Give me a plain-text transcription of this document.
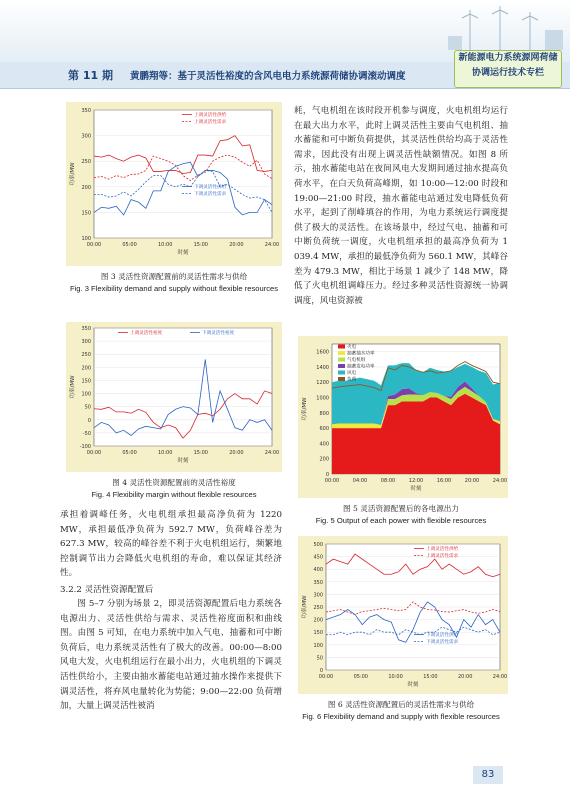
第 11 期 黄鹏翔等：基于灵活性裕度的含风电电力系统源荷储协调滚动调度
新能源电力系统源网荷储
协调运行技术专栏
100
150
200
250
300
350
00:00	05:00	10:00	15:00	20:00	24:00
时刻
功率/MW
上调灵活性供给
上调灵活性需求
下调灵活性供给
下调灵活性需求
图 3 灵活性资源配置前的灵活性需求与供给
Fig. 3 Flexibility demand and supply without flexible resources
-100
-50
0
50
100
150
200
250
300
350
00:00	05:00	10:00	15:00	20:00	24:00
时刻
功率/MW
上调灵活性裕度	下调灵活性裕度
图 4 灵活性资源配置前的灵活性裕度
Fig. 4 Flexibility margin without flexible resources

承担着调峰任务，火电机组承担最高净负荷为 1220 MW，承担最低净负荷为 592.7 MW，负荷峰谷差为 627.3 MW，较高的峰谷差不利于火电机组运行，频繁地控制调节出力会降低火电机组的寿命，难以保证其经济性。

3.2.2 灵活性资源配置后

图 5–7 分别为场景 2，即灵活资源配置后电力系统各电源出力、灵活性供给与需求、灵活性裕度面积和曲线图。由图 5 可知，在电力系统中加入气电、抽蓄和可中断负荷后，电力系统灵活性有了极大的改善。00:00—8:00 风电大发，火电机组运行在最小出力，火电机组的下调灵活性供给小，主要由抽水蓄能电站通过抽水操作来提供下调灵活性，将弃风电量转化为势能；9:00—22:00 负荷增加，大量上调灵活性被消

耗，气电机组在该时段开机参与调度，火电机组均运行在最大出力水平，此时上调灵活性主要由气电机组、抽水蓄能和可中断负荷提供，其灵活性供给均高于灵活性需求，因此没有出现上调灵活性缺额情况。如图 8 所示，抽水蓄能电站在夜间风电大发期间通过抽水提高负荷水平，在白天负荷高峰期，如 10:00—12:00 时段和 19:00—21:00 时段，抽水蓄能电站通过发电降低负荷水平，起到了削峰填谷的作用，为电力系统运行调度提供了极大的灵活性。在该场景中，经过气电、抽蓄和可中断负荷统一调度，火电机组承担的最高净负荷为 1 039.4 MW，承担的最低净负荷为 560.1 MW，其峰谷差为 479.3 MW，相比于场景 1 减少了 148 MW，降低了火电机组调峰压力。经过多种灵活性资源统一协调调度，风电资源被

0
200
400
600
800
1000
1200
1400
1600
00:00	04:00	08:00	12:00	16:00	20:00	24:00
时刻
功率/MW
火电
抽蓄抽水功率
气电机组
抽蓄发电功率
风电
负荷
图 5 灵活资源配置后的各电源出力
Fig. 5 Output of each power with flexible resources
0
50
100
150
200
250
300
350
400
450
500
00:00	05:00	10:00	15:00	20:00	24:00
时刻
功率/MW
上调灵活性供给
上调灵活性需求
下调灵活性供给
下调灵活性需求
图 6 灵活性资源配置后的灵活性需求与供给
Fig. 6 Flexibility demand and supply with flexible resources
83
